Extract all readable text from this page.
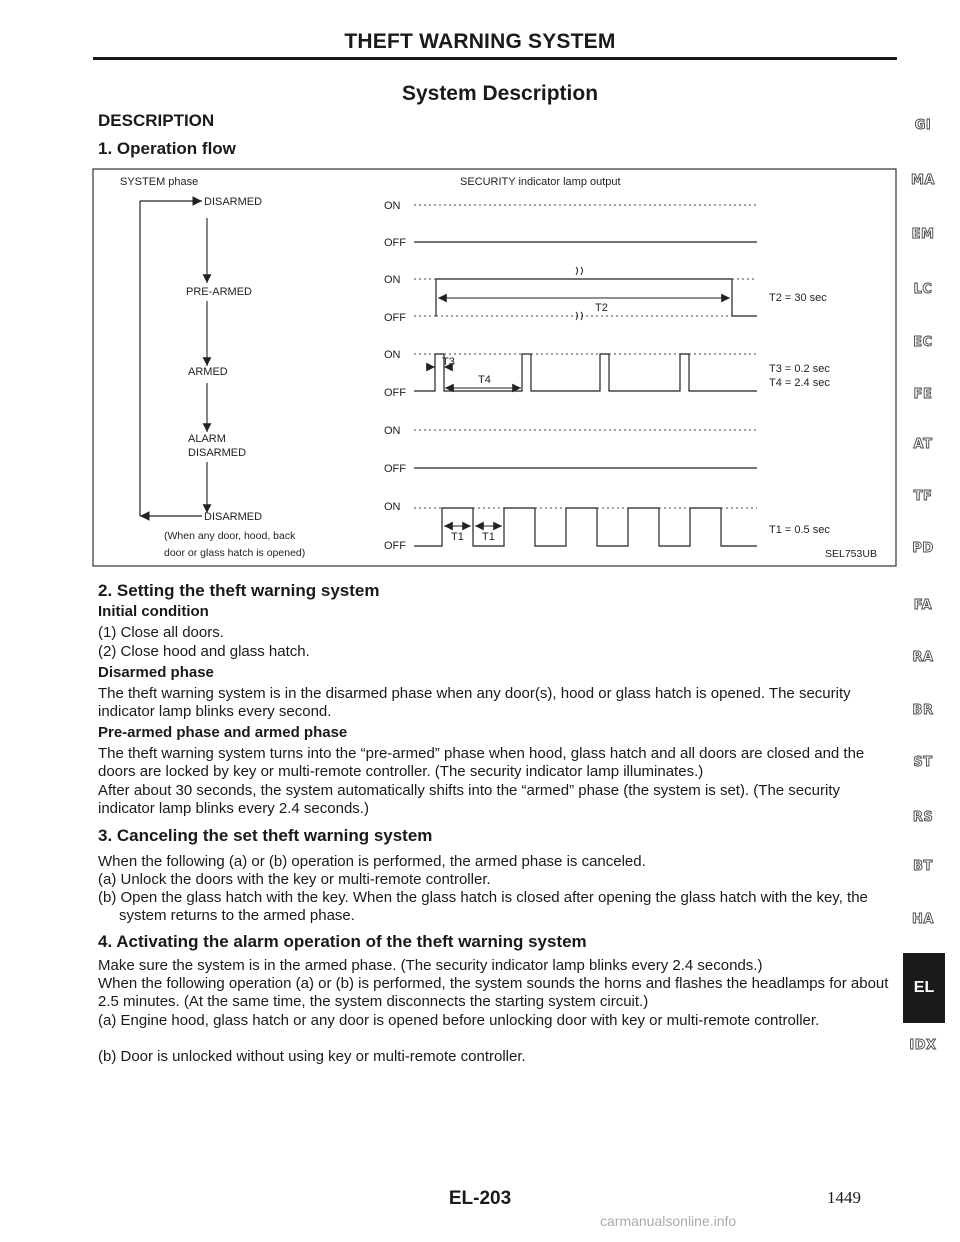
THEFT WARNING SYSTEM
System Description
DESCRIPTION
1. Operation flow
SYSTEM phase	SECURITY indicator lamp output
DISARMED
PRE-ARMED
ARMED
ALARM
DISARMED
DISARMED
(When any door, hood, back
door or glass hatch is opened)
ON
OFF
ON
OFF
T2
T2 = 30 sec
ON
OFF
T3
T4
T3 = 0.2 sec
T4 = 2.4 sec
ON
OFF
ON
OFF
T1 T1
T1 = 0.5 sec
SEL753UB
2. Setting the theft warning system
Initial condition
(1) Close all doors.
(2) Close hood and glass hatch.
Disarmed phase
The theft warning system is in the disarmed phase when any door(s), hood or glass hatch is opened. The security indicator lamp blinks every second.
Pre-armed phase and armed phase
The theft warning system turns into the “pre-armed” phase when hood, glass hatch and all doors are closed and the doors are locked by key or multi-remote controller. (The security indicator lamp illuminates.)
After about 30 seconds, the system automatically shifts into the “armed” phase (the system is set). (The security indicator lamp blinks every 2.4 seconds.)
3. Canceling the set theft warning system
When the following (a) or (b) operation is performed, the armed phase is canceled.
(a) Unlock the doors with the key or multi-remote controller.
(b) Open the glass hatch with the key. When the glass hatch is closed after opening the glass hatch with the key, the system returns to the armed phase.
4. Activating the alarm operation of the theft warning system
Make sure the system is in the armed phase. (The security indicator lamp blinks every 2.4 seconds.)
When the following operation (a) or (b) is performed, the system sounds the horns and flashes the headlamps for about 2.5 minutes. (At the same time, the system disconnects the starting system circuit.)
(a) Engine hood, glass hatch or any door is opened before unlocking door with key or multi-remote controller.
(b) Door is unlocked without using key or multi-remote controller.
GI
MA
EM
LC
EC
FE
AT
TF
PD
FA
RA
BR
ST
RS
BT
HA
IDX
EL
EL-203	1449
carmanualsonline.info
